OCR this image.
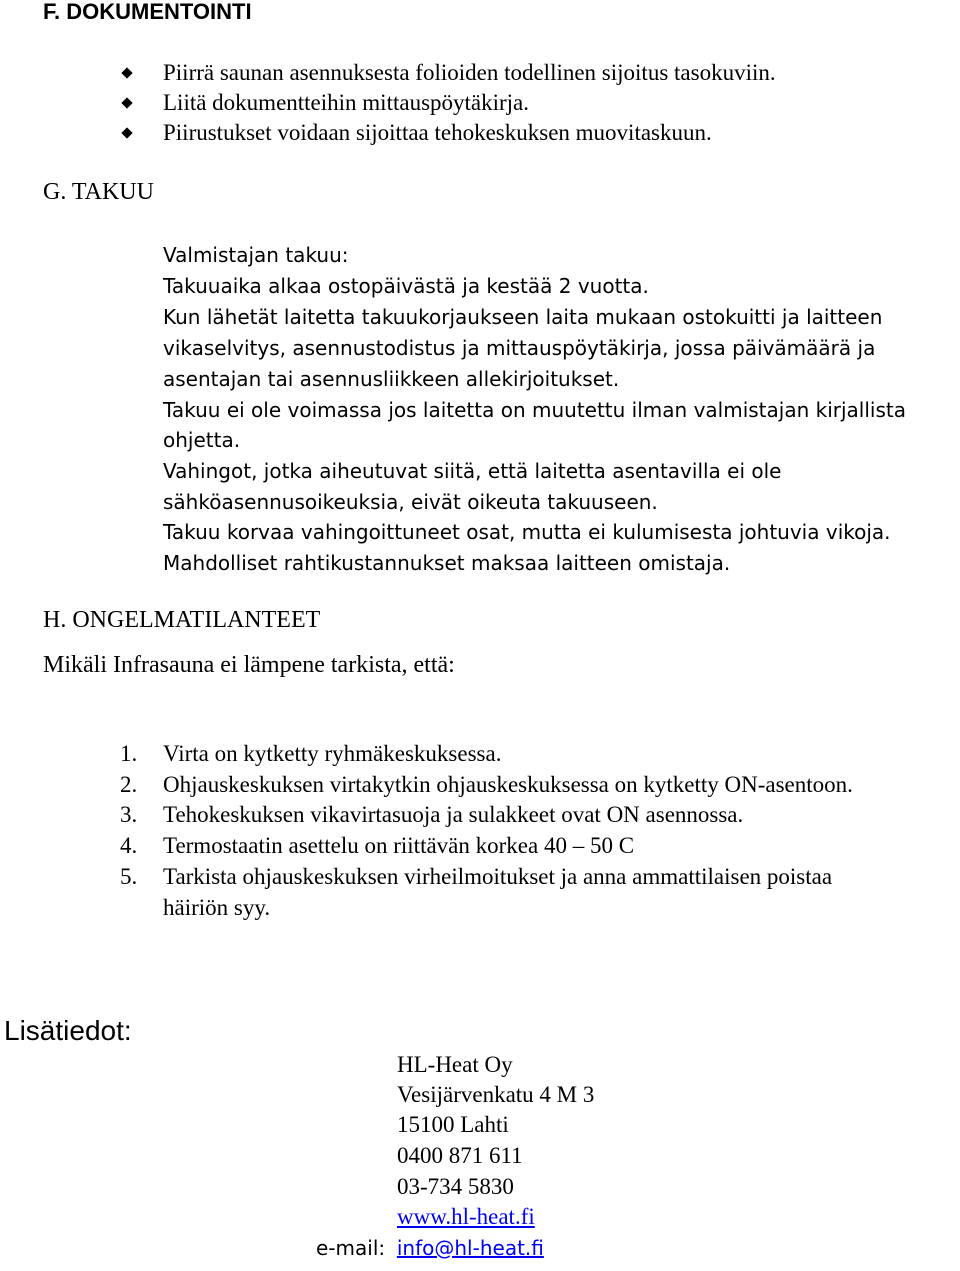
F. DOKUMENTOINTI
Piirrä saunan asennuksesta folioiden todellinen sijoitus tasokuviin.
Liitä dokumentteihin mittauspöytäkirja.
Piirustukset voidaan sijoittaa tehokeskuksen muovitaskuun.
G. TAKUU
Valmistajan takuu:
Takuuaika alkaa ostopäivästä ja kestää 2 vuotta.
Kun lähetät laitetta takuukorjaukseen laita mukaan ostokuitti ja laitteen
vikaselvitys, asennustodistus ja mittauspöytäkirja, jossa päivämäärä ja
asentajan tai asennusliikkeen allekirjoitukset.
Takuu ei ole voimassa jos laitetta on muutettu ilman valmistajan kirjallista
ohjetta.
Vahingot, jotka aiheutuvat siitä, että laitetta asentavilla ei ole
sähköasennusoikeuksia, eivät oikeuta takuuseen.
Takuu korvaa vahingoittuneet osat, mutta ei kulumisesta johtuvia vikoja.
Mahdolliset rahtikustannukset maksaa laitteen omistaja.
H. ONGELMATILANTEET
Mikäli Infrasauna ei lämpene tarkista, että:
1. Virta on kytketty ryhmäkeskuksessa.
2. Ohjauskeskuksen virtakytkin ohjauskeskuksessa on kytketty ON-asentoon.
3. Tehokeskuksen vikavirtasuoja ja sulakkeet ovat ON asennossa.
4. Termostaatin asettelu on riittävän korkea 40 – 50 C
5. Tarkista ohjauskeskuksen virheilmoitukset ja anna ammattilaisen poistaa
häiriön syy.
Lisätiedot:
HL-Heat Oy
Vesijärvenkatu 4 M 3
15100 Lahti
0400 871 611
03-734 5830
www.hl-heat.fi
e-mail: info@hl-heat.fi
